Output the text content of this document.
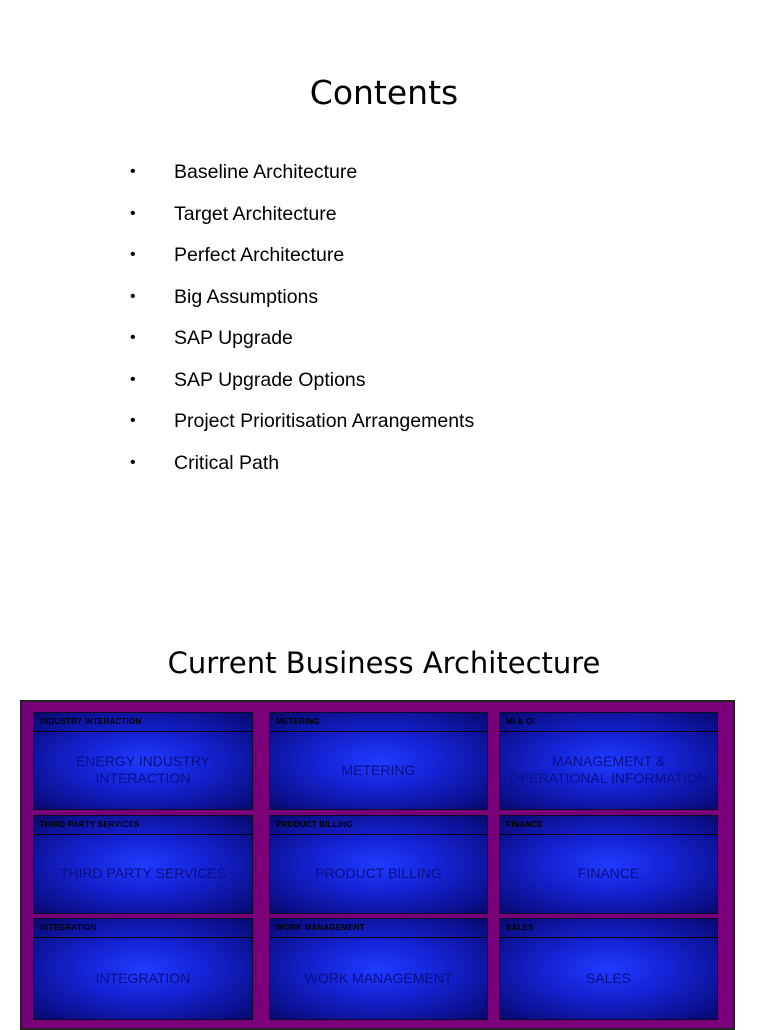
Contents
• Baseline Architecture
• Target Architecture
• Perfect Architecture
• Big Assumptions
• SAP Upgrade
• SAP Upgrade Options
• Project Prioritisation Arrangements
• Critical Path
Current Business Architecture
INDUSTRY INTERACTION
ENERGY INDUSTRY INTERACTION
METERING
METERING
MI & OI
MANAGEMENT & OPERATIONAL INFORMATION
THIRD PARTY SERVICES
THIRD PARTY SERVICES
PRODUCT BILLING
PRODUCT BILLING
FINANCE
FINANCE
INTEGRATION
INTEGRATION
WORK MANAGEMENT
WORK MANAGEMENT
SALES
SALES
